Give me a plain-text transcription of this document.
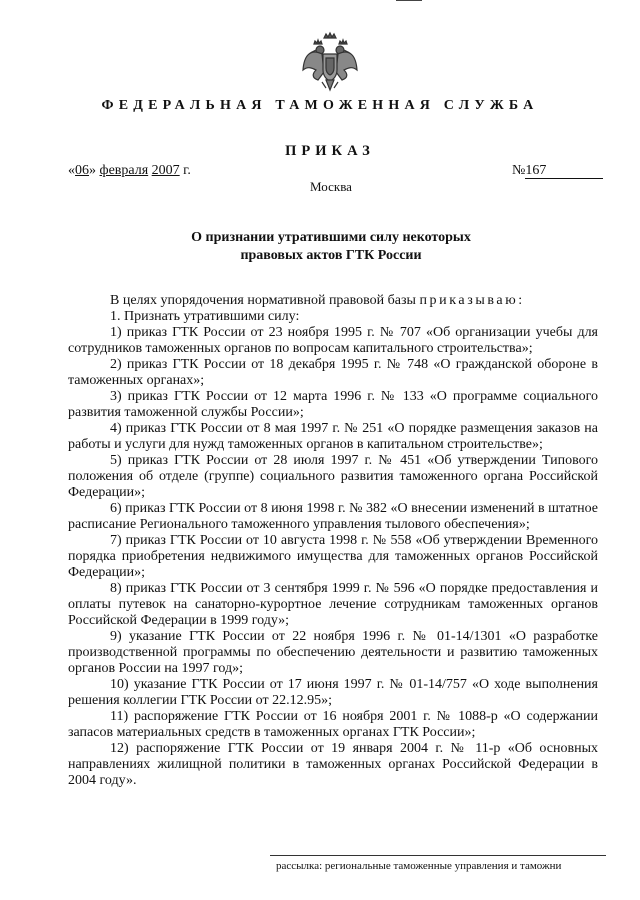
ФЕДЕРАЛЬНАЯ ТАМОЖЕННАЯ СЛУЖБА
ПРИКАЗ
«06» февраля 2007 г.	№167
Москва
О признании утратившими силу некоторых
правовых актов ГТК России

В целях упорядочения нормативной правовой базы приказываю:

1. Признать утратившими силу:

1) приказ ГТК России от 23 ноября 1995 г. № 707 «Об организации учебы для сотрудников таможенных органов по вопросам капитального строительства»;

2) приказ ГТК России от 18 декабря 1995 г. № 748 «О гражданской обороне в таможенных органах»;

3) приказ ГТК России от 12 марта 1996 г. № 133 «О программе социального развития таможенной службы России»;

4) приказ ГТК России от 8 мая 1997 г. № 251 «О порядке размещения заказов на работы и услуги для нужд таможенных органов в капитальном строительстве»;

5) приказ ГТК России от 28 июля 1997 г. № 451 «Об утверждении Типового положения об отделе (группе) социального развития таможенного органа Российской Федерации»;

6) приказ ГТК России от 8 июня 1998 г. № 382 «О внесении изменений в штатное расписание Регионального таможенного управления тылового обеспечения»;

7) приказ ГТК России от 10 августа 1998 г. № 558 «Об утверждении Временного порядка приобретения недвижимого имущества для таможенных органов Российской Федерации»;

8) приказ ГТК России от 3 сентября 1999 г. № 596 «О порядке предоставления и оплаты путевок на санаторно-курортное лечение сотрудникам таможенных органов Российской Федерации в 1999 году»;

9) указание ГТК России от 22 ноября 1996 г. № 01-14/1301 «О разработке производственной программы по обеспечению деятельности и развитию таможенных органов России на 1997 год»;

10) указание ГТК России от 17 июня 1997 г. № 01-14/757 «О ходе выполнения решения коллегии ГТК России от 22.12.95»;

11) распоряжение ГТК России от 16 ноября 2001 г. № 1088-р «О содержании запасов материальных средств в таможенных органах ГТК России»;

12) распоряжение ГТК России от 19 января 2004 г. № 11-р «Об основных направлениях жилищной политики в таможенных органах Российской Федерации в 2004 году».

рассылка: региональные таможенные управления и таможни
